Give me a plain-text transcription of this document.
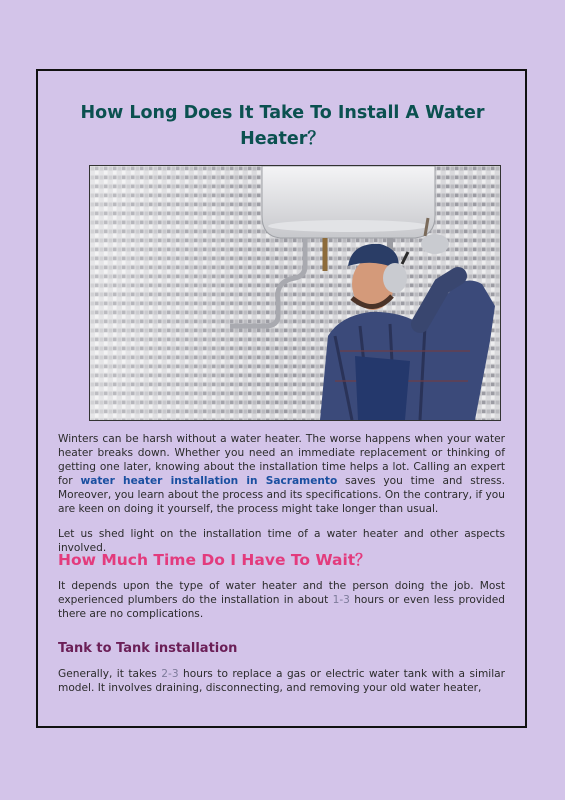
How Long Does It Take To Install A Water Heater？

Winters can be harsh without a water heater. The worse happens when your water heater breaks down. Whether you need an immediate replacement or thinking of getting one later, knowing about the installation time helps a lot. Calling an expert for water heater installation in Sacramento saves you time and stress. Moreover, you learn about the process and its specifications. On the contrary, if you are keen on doing it yourself, the process might take longer than usual.

Let us shed light on the installation time of a water heater and other aspects involved.

How Much Time Do I Have To Wait？

It depends upon the type of water heater and the person doing the job. Most experienced plumbers do the installation in about 1-3 hours or even less provided there are no complications.

Tank to Tank installation

Generally, it takes 2-3 hours to replace a gas or electric water tank with a similar model. It involves draining, disconnecting, and removing your old water heater,
